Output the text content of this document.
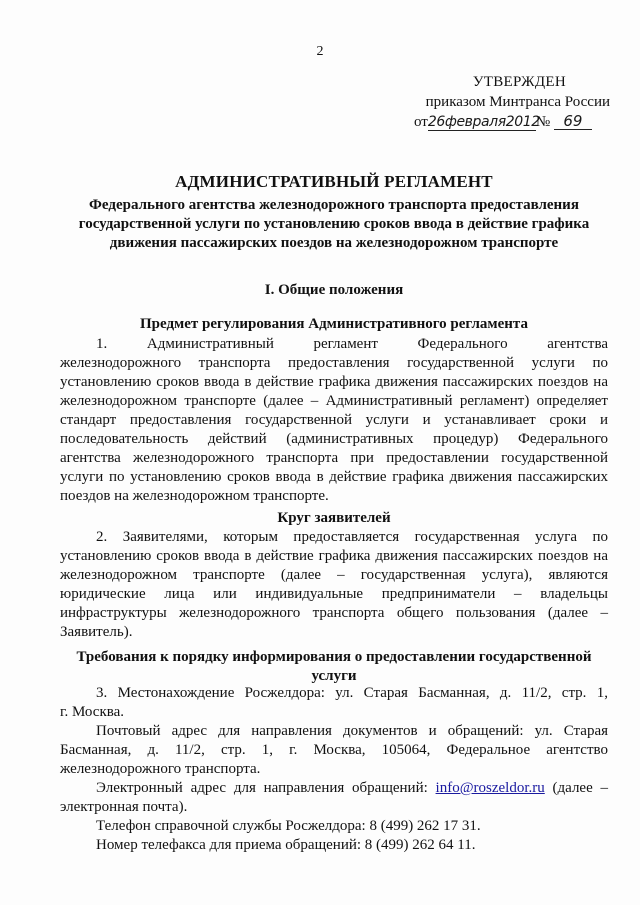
2
УТВЕРЖДЕН
приказом Минтранса России
от26февраля2012№ 69
АДМИНИСТРАТИВНЫЙ РЕГЛАМЕНТ
Федерального агентства железнодорожного транспорта предоставления
государственной услуги по установлению сроков ввода в действие графика
движения пассажирских поездов на железнодорожном транспорте
I. Общие положения
Предмет регулирования Административного регламента
1. Административный регламент Федерального агентства
железнодорожного транспорта предоставления государственной услуги по
установлению сроков ввода в действие графика движения пассажирских поездов на
железнодорожном транспорте (далее – Административный регламент) определяет
стандарт предоставления государственной услуги и устанавливает сроки и
последовательность действий (административных процедур) Федерального
агентства железнодорожного транспорта при предоставлении государственной
услуги по установлению сроков ввода в действие графика движения пассажирских
поездов на железнодорожном транспорте.
Круг заявителей
2. Заявителями, которым предоставляется государственная услуга по
установлению сроков ввода в действие графика движения пассажирских поездов на
железнодорожном транспорте (далее – государственная услуга), являются
юридические лица или индивидуальные предприниматели – владельцы
инфраструктуры железнодорожного транспорта общего пользования (далее –
Заявитель).
Требования к порядку информирования о предоставлении государственной
услуги
3. Местонахождение Росжелдора: ул. Старая Басманная, д. 11/2, стр. 1,
г. Москва.
Почтовый адрес для направления документов и обращений: ул. Старая
Басманная, д. 11/2, стр. 1, г. Москва, 105064, Федеральное агентство
железнодорожного транспорта.
Электронный адрес для направления обращений: info@roszeldor.ru (далее –
электронная почта).
Телефон справочной службы Росжелдора: 8 (499) 262 17 31.
Номер телефакса для приема обращений: 8 (499) 262 64 11.
